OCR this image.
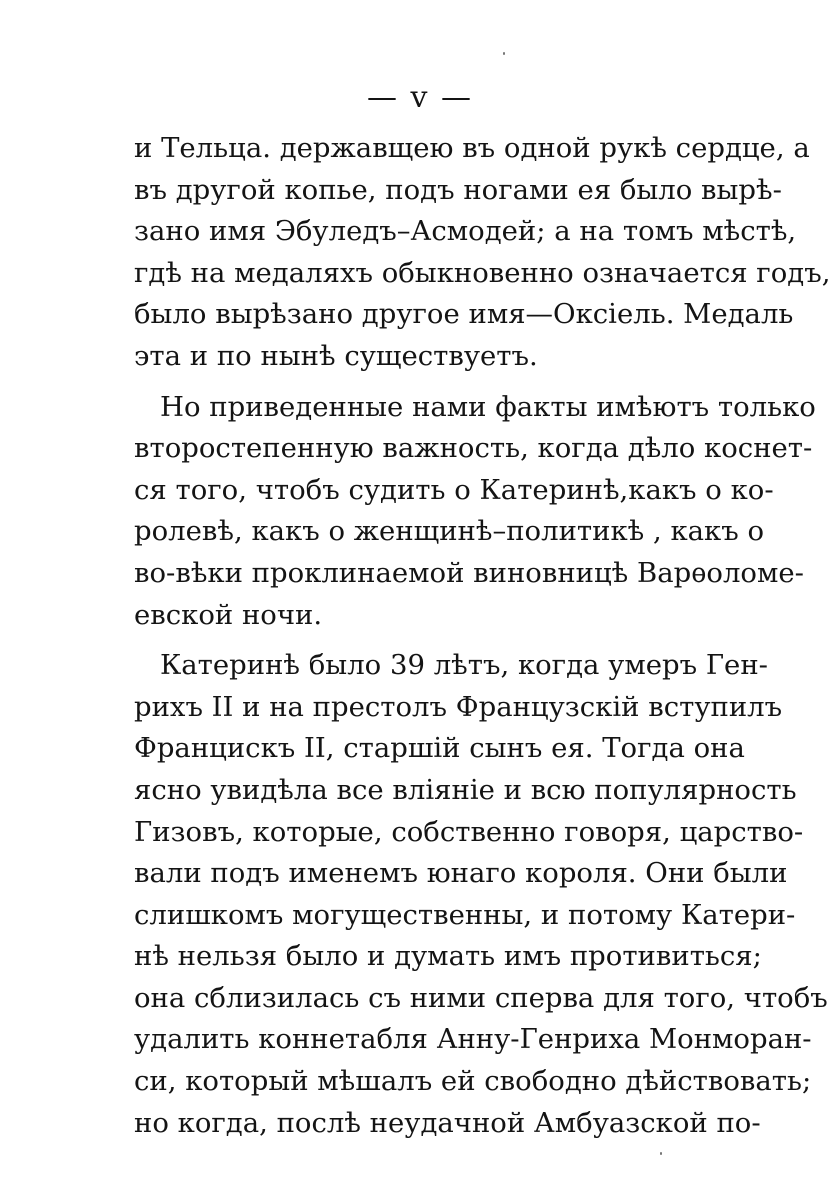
— v —
и Тельца. державщею въ одной рукѣ сердце, а
въ другой копье, подъ ногами ея было вырѣ-
зано имя Эбуледъ–Асмодей; а на томъ мѣстѣ,
гдѣ на медаляхъ обыкновенно означается годъ,
было вырѣзано другое имя—Оксіель. Медаль
эта и по нынѣ существуетъ.
Но приведенные нами факты имѣютъ только
второстепенную важность, когда дѣло коснет-
ся того, чтобъ судить о Катеринѣ,какъ о ко-
ролевѣ, какъ о женщинѣ–политикѣ , какъ о
во-вѣки проклинаемой виновницѣ Варѳоломе-
евской ночи.
Катеринѣ было 39 лѣтъ, когда умеръ Ген-
рихъ II и на престолъ Французскій вступилъ
Францискъ II, старшій сынъ ея. Тогда она
ясно увидѣла все вліяніе и всю популярность
Гизовъ, которые, собственно говоря, царство-
вали подъ именемъ юнаго короля. Они были
слишкомъ могущественны, и потому Катери-
нѣ нельзя было и думать имъ противиться;
она сблизилась съ ними сперва для того, чтобъ
удалить коннетабля Анну-Генриха Монморан-
си, который мѣшалъ ей свободно дѣйствовать;
но когда, послѣ неудачной Амбуазской по-
